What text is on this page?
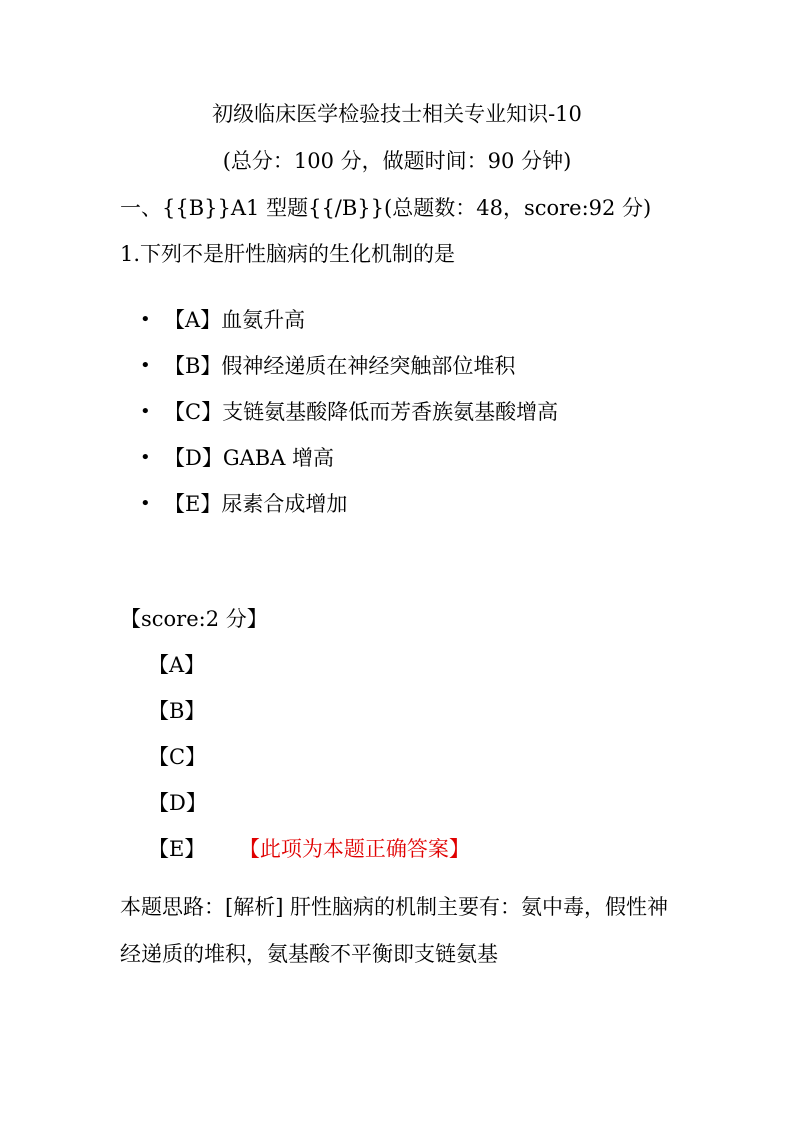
初级临床医学检验技士相关专业知识-10
(总分：100 分，做题时间：90 分钟)
一、{{B}}A1 型题{{/B}}(总题数：48，score:92 分)
1.下列不是肝性脑病的生化机制的是
• 【A】血氨升高
• 【B】假神经递质在神经突触部位堆积
• 【C】支链氨基酸降低而芳香族氨基酸增高
• 【D】GABA 增高
• 【E】尿素合成增加
【score:2 分】
【A】
【B】
【C】
【D】
【E】 【此项为本题正确答案】
本题思路：[解析] 肝性脑病的机制主要有：氨中毒，假性神经递质的堆积，氨基酸不平衡即支链氨基
